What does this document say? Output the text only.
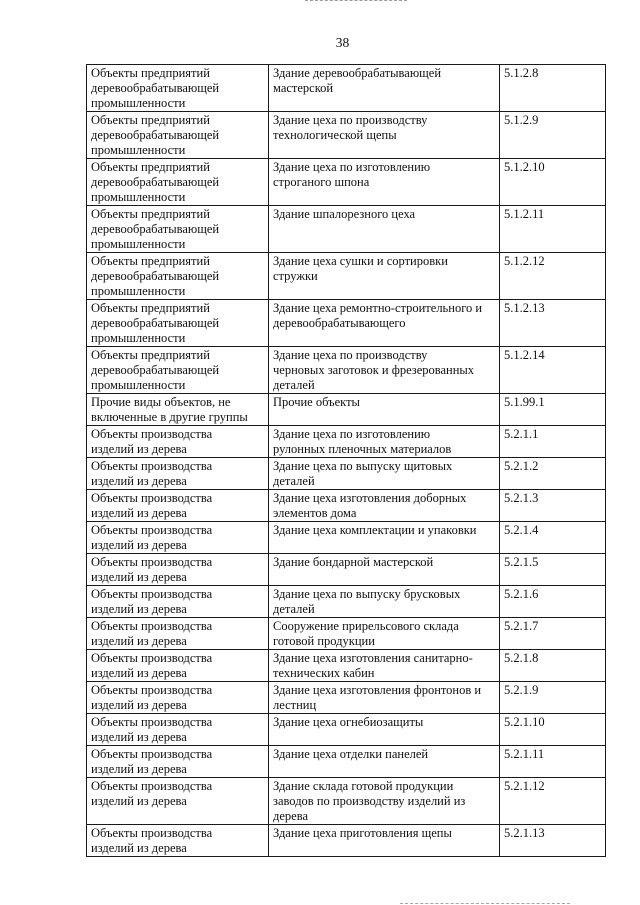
38
Объекты предприятий
деревообрабатывающей
промышленности	Здание деревообрабатывающей
мастерской	5.1.2.8
Объекты предприятий
деревообрабатывающей
промышленности	Здание цеха по производству
технологической щепы	5.1.2.9
Объекты предприятий
деревообрабатывающей
промышленности	Здание цеха по изготовлению
строганого шпона	5.1.2.10
Объекты предприятий
деревообрабатывающей
промышленности	Здание шпалорезного цеха	5.1.2.11
Объекты предприятий
деревообрабатывающей
промышленности	Здание цеха сушки и сортировки
стружки	5.1.2.12
Объекты предприятий
деревообрабатывающей
промышленности	Здание цеха ремонтно-строительного и
деревообрабатывающего	5.1.2.13
Объекты предприятий
деревообрабатывающей
промышленности	Здание цеха по производству
черновых заготовок и фрезерованных
деталей	5.1.2.14
Прочие виды объектов, не
включенные в другие группы	Прочие объекты	5.1.99.1
Объекты производства
изделий из дерева	Здание цеха по изготовлению
рулонных пленочных материалов	5.2.1.1
Объекты производства
изделий из дерева	Здание цеха по выпуску щитовых
деталей	5.2.1.2
Объекты производства
изделий из дерева	Здание цеха изготовления доборных
элементов дома	5.2.1.3
Объекты производства
изделий из дерева	Здание цеха комплектации и упаковки	5.2.1.4
Объекты производства
изделий из дерева	Здание бондарной мастерской	5.2.1.5
Объекты производства
изделий из дерева	Здание цеха по выпуску брусковых
деталей	5.2.1.6
Объекты производства
изделий из дерева	Сооружение прирельсового склада
готовой продукции	5.2.1.7
Объекты производства
изделий из дерева	Здание цеха изготовления санитарно-
технических кабин	5.2.1.8
Объекты производства
изделий из дерева	Здание цеха изготовления фронтонов и
лестниц	5.2.1.9
Объекты производства
изделий из дерева	Здание цеха огнебиозащиты	5.2.1.10
Объекты производства
изделий из дерева	Здание цеха отделки панелей	5.2.1.11
Объекты производства
изделий из дерева	Здание склада готовой продукции
заводов по производству изделий из
дерева	5.2.1.12
Объекты производства
изделий из дерева	Здание цеха приготовления щепы	5.2.1.13
